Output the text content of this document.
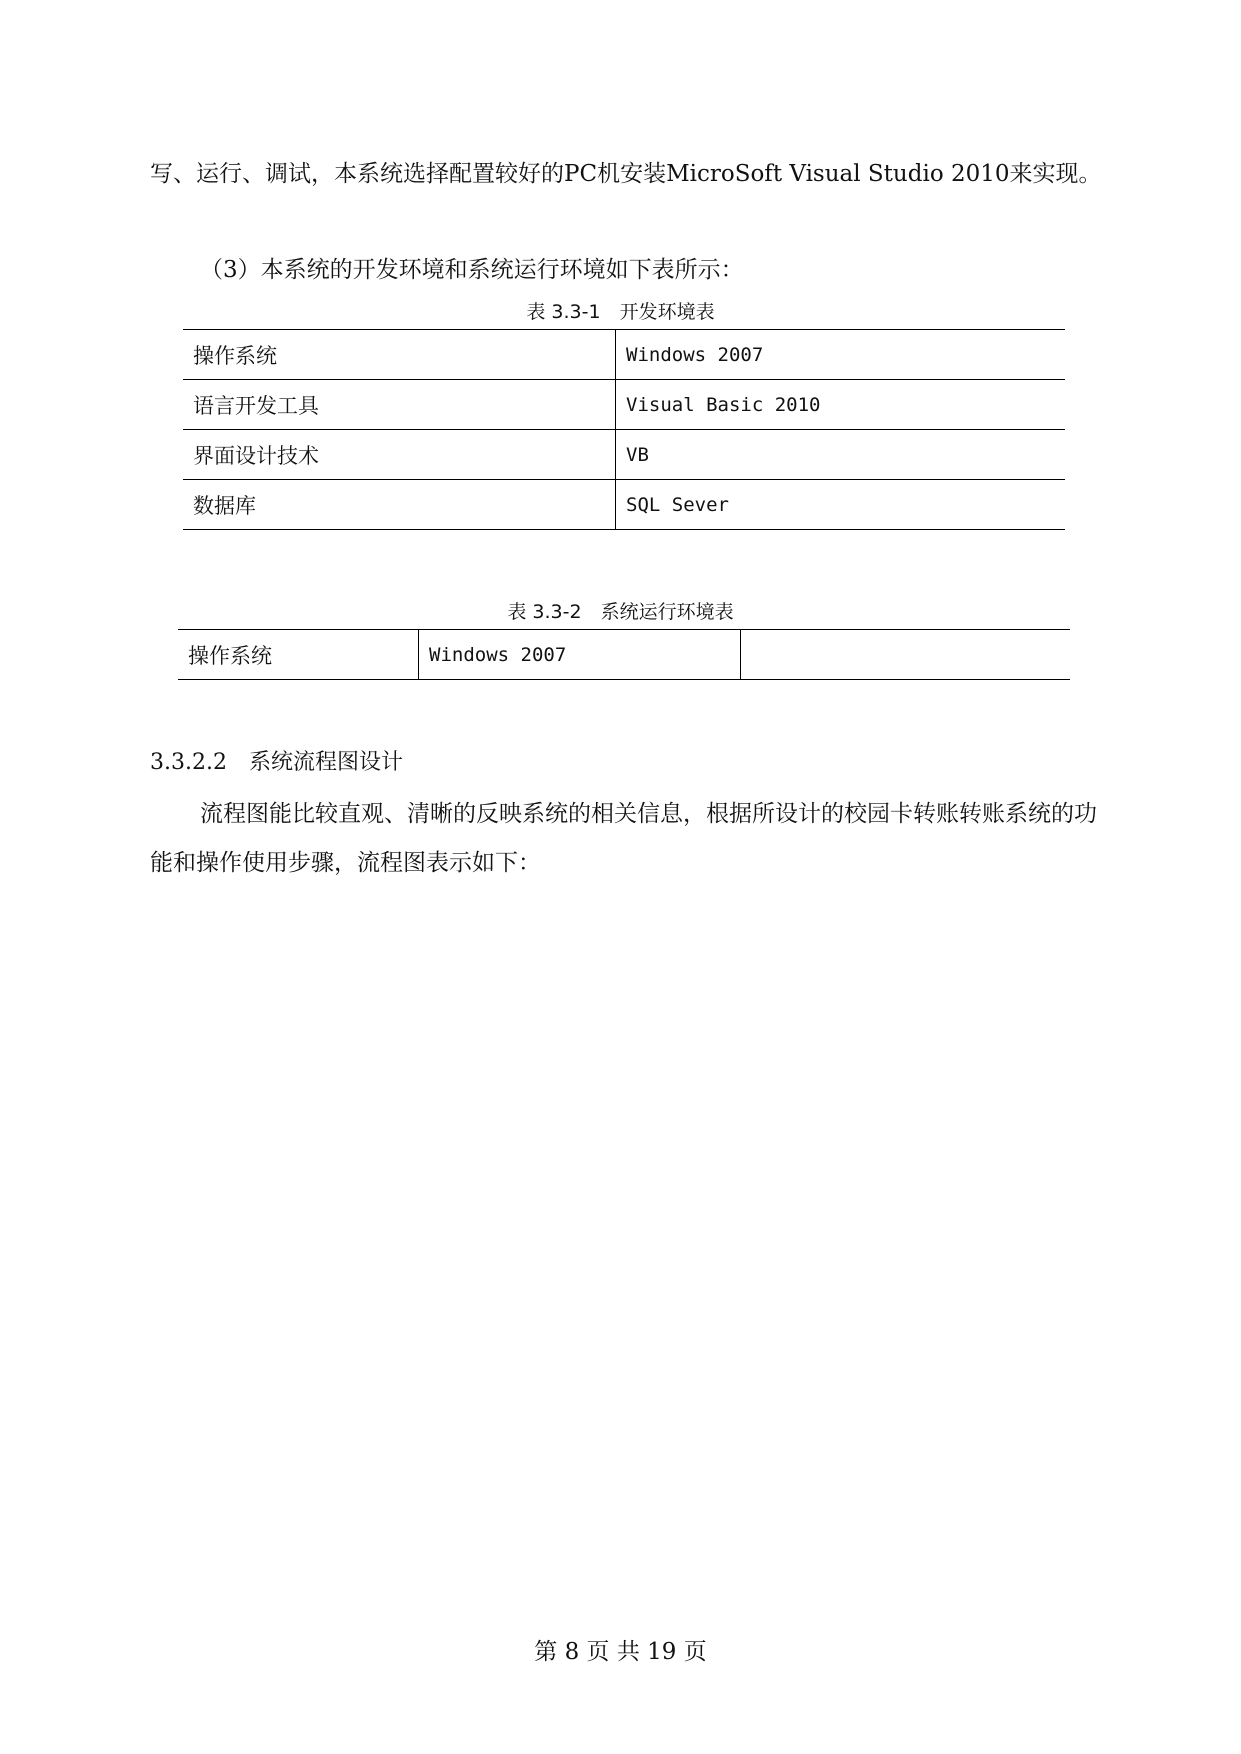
写、运行、调试，本系统选择配置较好的PC机安装MicroSoft Visual Studio 2010来实现。

（3）本系统的开发环境和系统运行环境如下表所示：

表 3.3-1　开发环境表
操作系统	Windows 2007
语言开发工具	Visual Basic 2010
界面设计技术	VB
数据库	SQL Sever
表 3.3-2　系统运行环境表
操作系统	Windows 2007	
3.3.2.2　系统流程图设计

流程图能比较直观、清晰的反映系统的相关信息，根据所设计的校园卡转账转账系统的功能和操作使用步骤，流程图表示如下：

第 8 页 共 19 页
